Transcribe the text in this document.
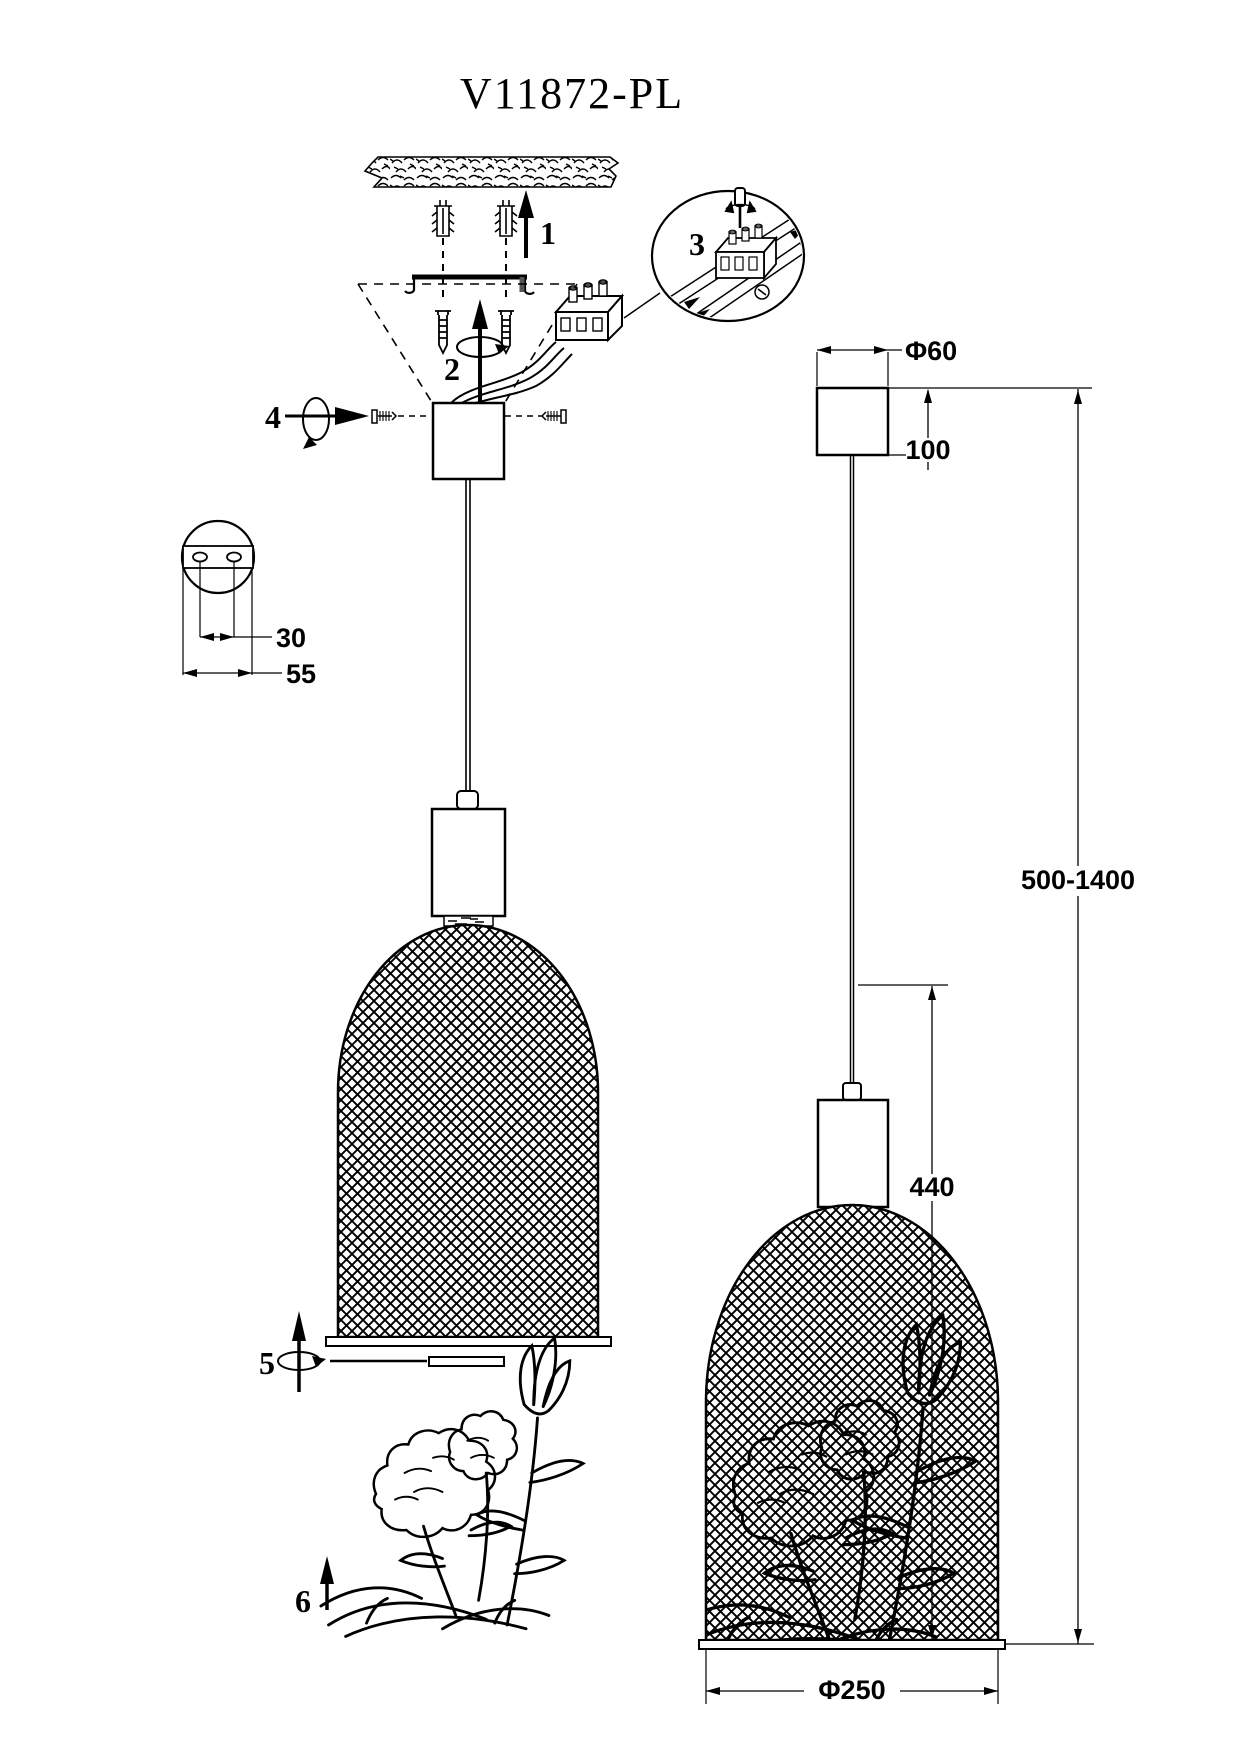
V11872-PL
1
2
3
4
5
6
30
55
Φ60
100
440
500-1400
Φ250
